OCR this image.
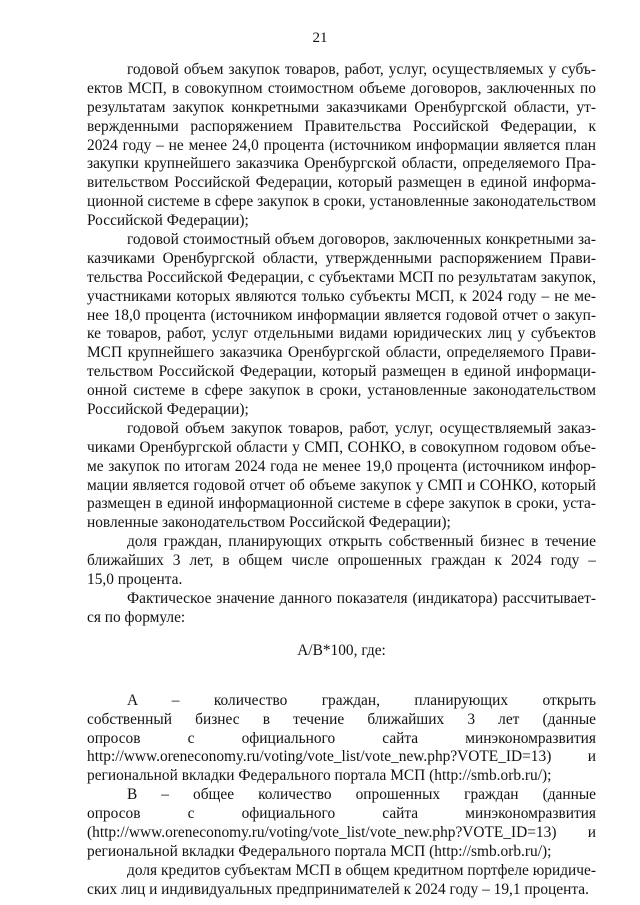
21
годовой объем закупок товаров, работ, услуг, осуществляемых у субъ-
ектов МСП, в совокупном стоимостном объеме договоров, заключенных по
результатам закупок конкретными заказчиками Оренбургской области, ут-
вержденными распоряжением Правительства Российской Федерации, к
2024 году – не менее 24,0 процента (источником информации является план
закупки крупнейшего заказчика Оренбургской области, определяемого Пра-
вительством Российской Федерации, который размещен в единой информа-
ционной системе в сфере закупок в сроки, установленные законодательством
Российской Федерации);
годовой стоимостный объем договоров, заключенных конкретными за-
казчиками Оренбургской области, утвержденными распоряжением Прави-
тельства Российской Федерации, с субъектами МСП по результатам закупок,
участниками которых являются только субъекты МСП, к 2024 году – не ме-
нее 18,0 процента (источником информации является годовой отчет о закуп-
ке товаров, работ, услуг отдельными видами юридических лиц у субъектов
МСП крупнейшего заказчика Оренбургской области, определяемого Прави-
тельством Российской Федерации, который размещен в единой информаци-
онной системе в сфере закупок в сроки, установленные законодательством
Российской Федерации);
годовой объем закупок товаров, работ, услуг, осуществляемый заказ-
чиками Оренбургской области у СМП, СОНКО, в совокупном годовом объе-
ме закупок по итогам 2024 года не менее 19,0 процента (источником инфор-
мации является годовой отчет об объеме закупок у СМП и СОНКО, который
размещен в единой информационной системе в сфере закупок в сроки, уста-
новленные законодательством Российской Федерации);
доля граждан, планирующих открыть собственный бизнес в течение
ближайших 3 лет, в общем числе опрошенных граждан к 2024 году –
15,0 процента.
Фактическое значение данного показателя (индикатора) рассчитывает-
ся по формуле:
A/B*100, где:
A – количество граждан, планирующих открыть
собственный бизнес в течение ближайших 3 лет (данные
опросов с официального сайта минэкономразвития
http://www.oreneconomy.ru/voting/vote_list/vote_new.php?VOTE_ID=13) и
региональной вкладки Федерального портала МСП (http://smb.orb.ru/);
B – общее количество опрошенных граждан (данные
опросов с официального сайта минэкономразвития
(http://www.oreneconomy.ru/voting/vote_list/vote_new.php?VOTE_ID=13) и
региональной вкладки Федерального портала МСП (http://smb.orb.ru/);
доля кредитов субъектам МСП в общем кредитном портфеле юридиче-
ских лиц и индивидуальных предпринимателей к 2024 году – 19,1 процента.
